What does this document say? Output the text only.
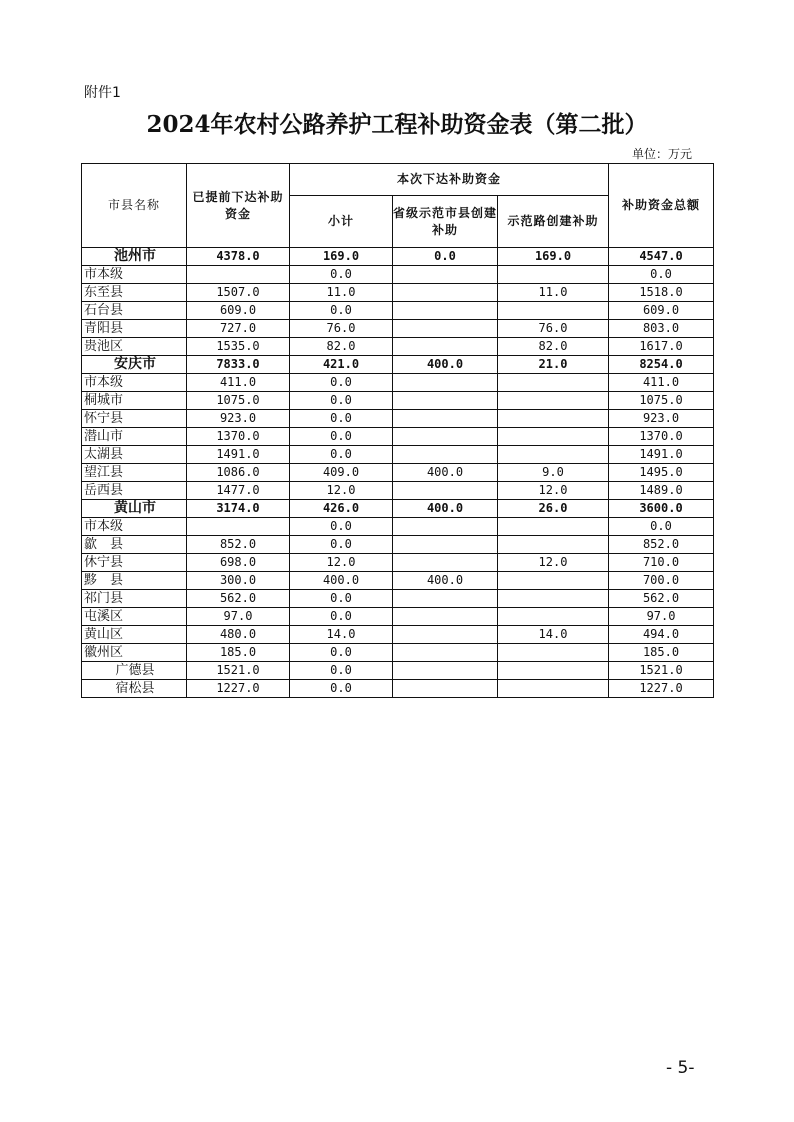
附件1
2024年农村公路养护工程补助资金表（第二批）
单位：万元
市县名称	已提前下达补助资金	本次下达补助资金			补助资金总额
		小计	省级示范市县创建补助	示范路创建补助	
池州市	4378.0	169.0	0.0	169.0	4547.0
市本级		0.0			0.0
东至县	1507.0	11.0		11.0	1518.0
石台县	609.0	0.0			609.0
青阳县	727.0	76.0		76.0	803.0
贵池区	1535.0	82.0		82.0	1617.0
安庆市	7833.0	421.0	400.0	21.0	8254.0
市本级	411.0	0.0			411.0
桐城市	1075.0	0.0			1075.0
怀宁县	923.0	0.0			923.0
潜山市	1370.0	0.0			1370.0
太湖县	1491.0	0.0			1491.0
望江县	1086.0	409.0	400.0	9.0	1495.0
岳西县	1477.0	12.0		12.0	1489.0
黄山市	3174.0	426.0	400.0	26.0	3600.0
市本级		0.0			0.0
歙　县	852.0	0.0			852.0
休宁县	698.0	12.0		12.0	710.0
黟　县	300.0	400.0	400.0		700.0
祁门县	562.0	0.0			562.0
屯溪区	97.0	0.0			97.0
黄山区	480.0	14.0		14.0	494.0
徽州区	185.0	0.0			185.0
广德县	1521.0	0.0			1521.0
宿松县	1227.0	0.0			1227.0
- 5-
